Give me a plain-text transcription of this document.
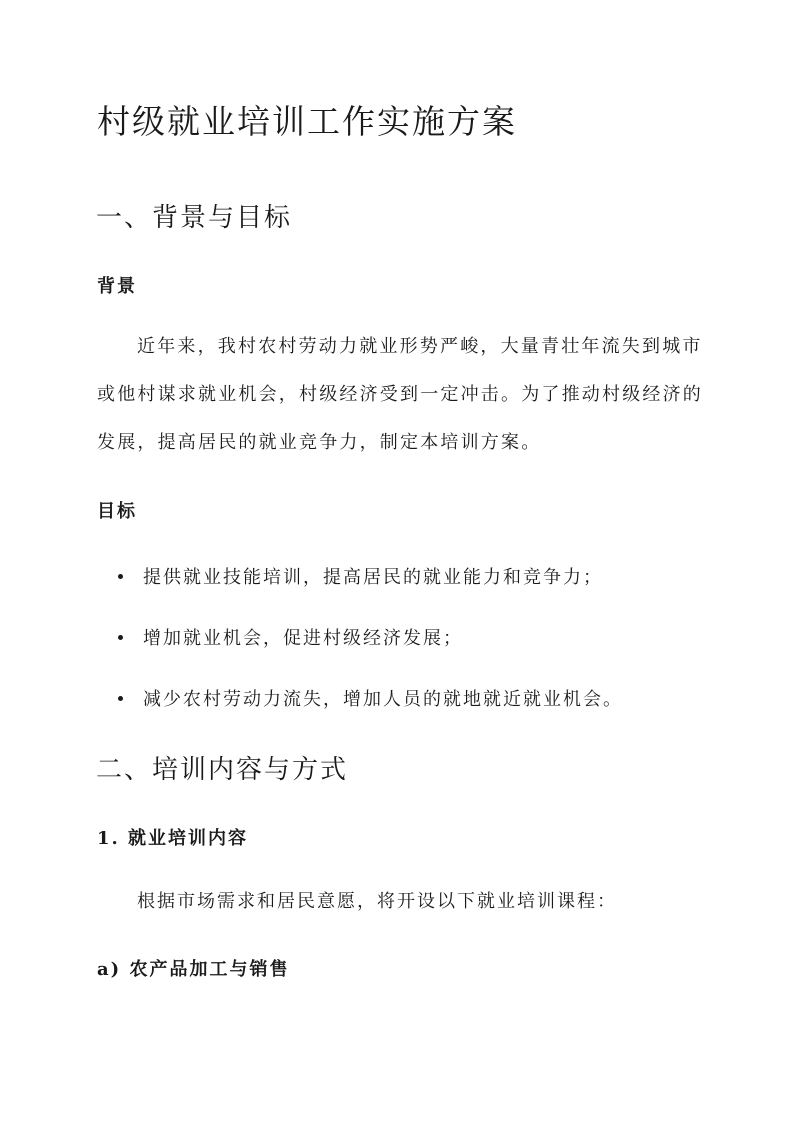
村级就业培训工作实施方案
一、背景与目标
背景
近年来，我村农村劳动力就业形势严峻，大量青壮年流失到城市或他村谋求就业机会，村级经济受到一定冲击。为了推动村级经济的发展，提高居民的就业竞争力，制定本培训方案。
目标
提供就业技能培训，提高居民的就业能力和竞争力；
增加就业机会，促进村级经济发展；
减少农村劳动力流失，增加人员的就地就近就业机会。
二、培训内容与方式
1. 就业培训内容
根据市场需求和居民意愿，将开设以下就业培训课程：
a) 农产品加工与销售
